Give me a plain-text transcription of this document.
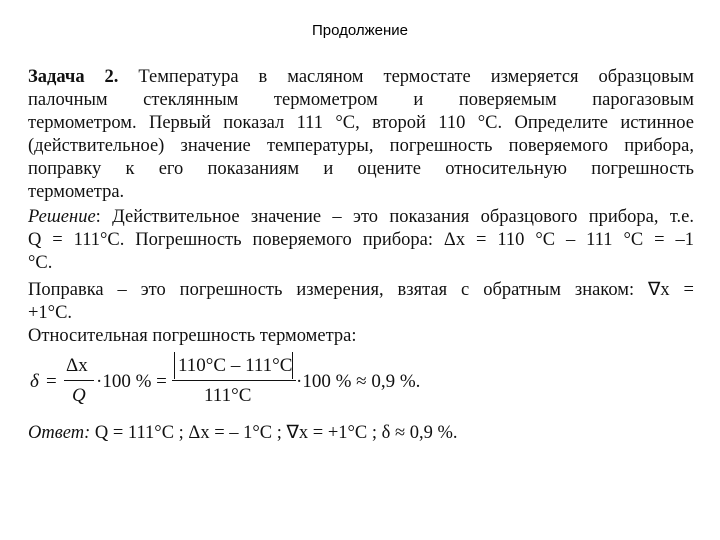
Продолжение

Задача 2. Температура в масляном термостате измеряется образцовым

палочным стеклянным термометром и поверяемым парогазовым

термометром. Первый показал 111 °С, второй 110 °С. Определите истинное

(действительное) значение температуры, погрешность поверяемого прибора,

поправку к его показаниям и оцените относительную погрешность

термометра.

Решение: Действительное значение – это показания образцового прибора, т.е.

Q = 111°С. Погрешность поверяемого прибора: Δx = 110 °С – 111 °С = –1

°С.

Поправка – это погрешность измерения, взятая с обратным знаком: ∇x =

+1°С.

Относительная погрешность термометра:

δ =
Δx
Q
·100 % =
110°C – 111°C
111°C
·100 % ≈ 0,9 %.

Ответ: Q = 111°C ; Δx = – 1°C ; ∇x = +1°C ; δ ≈ 0,9 %.
